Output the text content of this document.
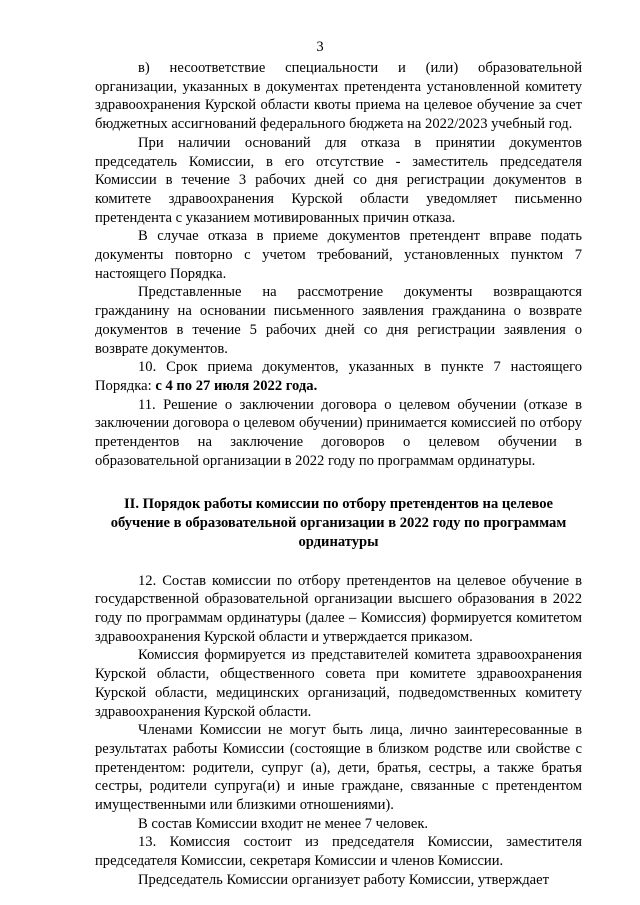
3

в) несоответствие специальности и (или) образовательной организации, указанных в документах претендента установленной комитету здравоохранения Курской области квоты приема на целевое обучение за счет бюджетных ассигнований федерального бюджета на 2022/2023 учебный год.

При наличии оснований для отказа в принятии документов председатель Комиссии, в его отсутствие - заместитель председателя Комиссии в течение 3 рабочих дней со дня регистрации документов в комитете здравоохранения Курской области уведомляет письменно претендента с указанием мотивированных причин отказа.

В случае отказа в приеме документов претендент вправе подать документы повторно с учетом требований, установленных пунктом 7 настоящего Порядка.

Представленные на рассмотрение документы возвращаются гражданину на основании письменного заявления гражданина о возврате документов в течение 5 рабочих дней со дня регистрации заявления о возврате документов.

10. Срок приема документов, указанных в пункте 7 настоящего Порядка: с 4 по 27 июля 2022 года.

11. Решение о заключении договора о целевом обучении (отказе в заключении договора о целевом обучении) принимается комиссией по отбору претендентов на заключение договоров о целевом обучении в образовательной организации в 2022 году по программам ординатуры.

II. Порядок работы комиссии по отбору претендентов на целевое обучение в образовательной организации в 2022 году по программам ординатуры

12. Состав комиссии по отбору претендентов на целевое обучение в государственной образовательной организации высшего образования в 2022 году по программам ординатуры (далее – Комиссия) формируется комитетом здравоохранения Курской области и утверждается приказом.

Комиссия формируется из представителей комитета здравоохранения Курской области, общественного совета при комитете здравоохранения Курской области, медицинских организаций, подведомственных комитету здравоохранения Курской области.

Членами Комиссии не могут быть лица, лично заинтересованные в результатах работы Комиссии (состоящие в близком родстве или свойстве с претендентом: родители, супруг (а), дети, братья, сестры, а также братья сестры, родители супруга(и) и иные граждане, связанные с претендентом имущественными или близкими отношениями).

В состав Комиссии входит не менее 7 человек.

13. Комиссия состоит из председателя Комиссии, заместителя председателя Комиссии, секретаря Комиссии и членов Комиссии.

Председатель Комиссии организует работу Комиссии, утверждает
